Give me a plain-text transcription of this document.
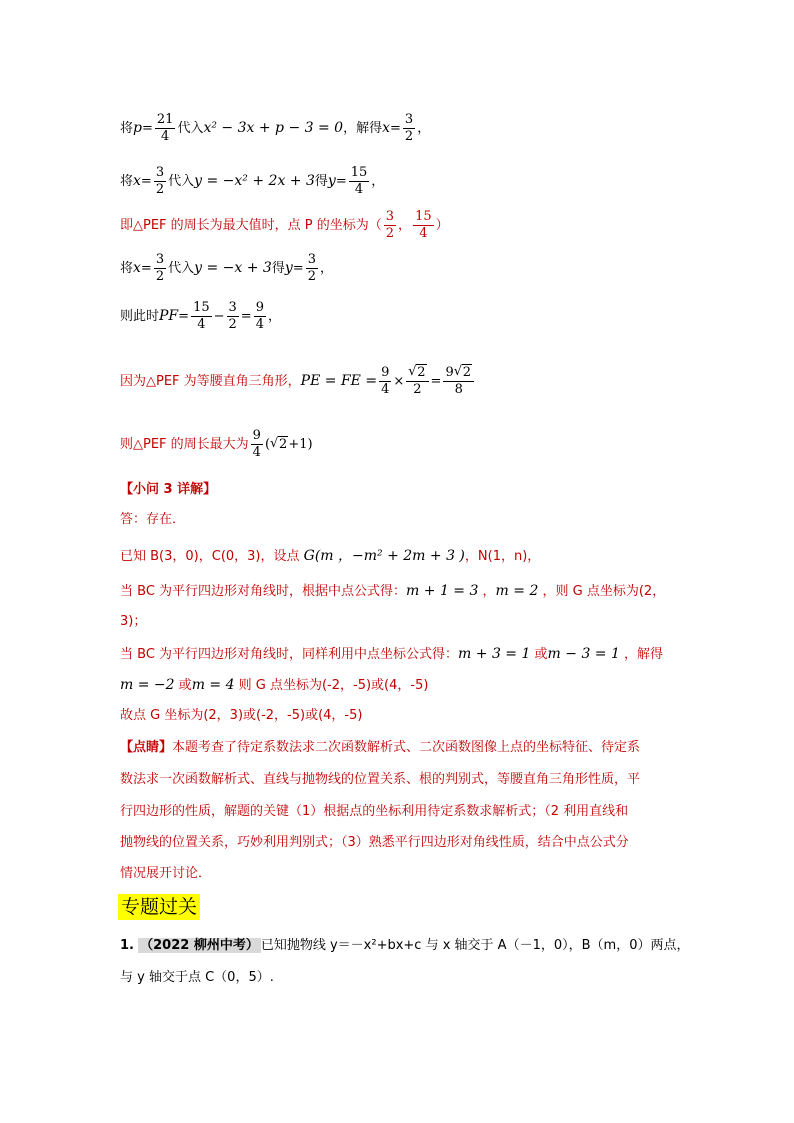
将$p= \frac{21}{4}$ 代入x² − 3x + p − 3 = 0，解得$x= \frac{3}{2}$ ，
将$x= \frac{3}{2}$ 代入y = −x² + 2x + 3得$y= \frac{15}{4}$ ，
即△PEF 的周长为最大值时，点 P 的坐标为（ $\frac{3}{2}$ ， $\frac{15}{4}$ ）
将$x= \frac{3}{2}$ 代入y = −x + 3得$y= \frac{3}{2}$ ，
则此时$PF= \frac{15}{4} - \frac{3}{2} = \frac{9}{4}$ ，
因为△PEF 为等腰直角三角形，PE = FE = $\frac{9}{4} \times \frac{√ 2}{2} = \frac{9 √ 2}{8}$
则△PEF 的周长最大为 $\frac{9}{4}$ ( √ 2+1)
【小问 3 详解】
答：存在．
已知 B(3，0)，C(0，3)，设点 G(m ，−m² + 2m + 3 )，N(1，n)，
当 BC 为平行四边形对角线时，根据中点公式得：m + 1 = 3 ，m = 2 ，则 G 点坐标为(2，
3)；
当 BC 为平行四边形对角线时，同样利用中点坐标公式得：m + 3 = 1 或m − 3 = 1 ，解得
m = −2 或m = 4 则 G 点坐标为(-2，-5)或(4，-5)
故点 G 坐标为(2，3)或(-2，-5)或(4，-5)
【点睛】本题考查了待定系数法求二次函数解析式、二次函数图像上点的坐标特征、待定系
数法求一次函数解析式、直线与抛物线的位置关系、根的判别式，等腰直角三角形性质，平
行四边形的性质，解题的关键（1）根据点的坐标利用待定系数求解析式；（2 利用直线和
抛物线的位置关系，巧妙利用判别式；（3）熟悉平行四边形对角线性质，结合中点公式分
情况展开讨论．
专题过关
1. （2022 柳州中考） 已知抛物线 y＝－x²+bx+c 与 x 轴交于 A（－1，0），B（m，0）两点，
与 y 轴交于点 C（0，5）.
